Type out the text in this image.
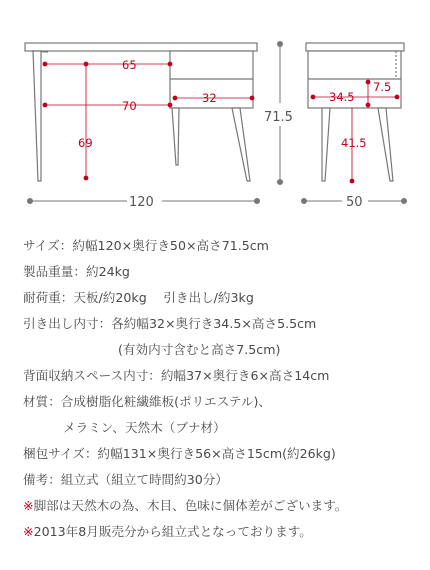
65
70
32
69
120
71.5
34.5
7.5
41.5
50
サイズ：約幅120×奥行き50×高さ71.5cm
製品重量：約24kg
耐荷重：天板/約20kg　 引き出し/約3kg
引き出し内寸：各約幅32×奥行き34.5×高さ5.5cm
(有効内寸含むと高さ7.5cm)
背面収納スペース内寸：約幅37×奥行き6×高さ14cm
材質：合成樹脂化粧繊維板(ポリエステル)、
メラミン、天然木（ブナ材）
梱包サイズ：約幅131×奥行き56×高さ15cm(約26kg)
備考：組立式（組立て時間約30分）
※脚部は天然木の為、木目、色味に個体差がございます。
※2013年8月販売分から組立式となっております。
